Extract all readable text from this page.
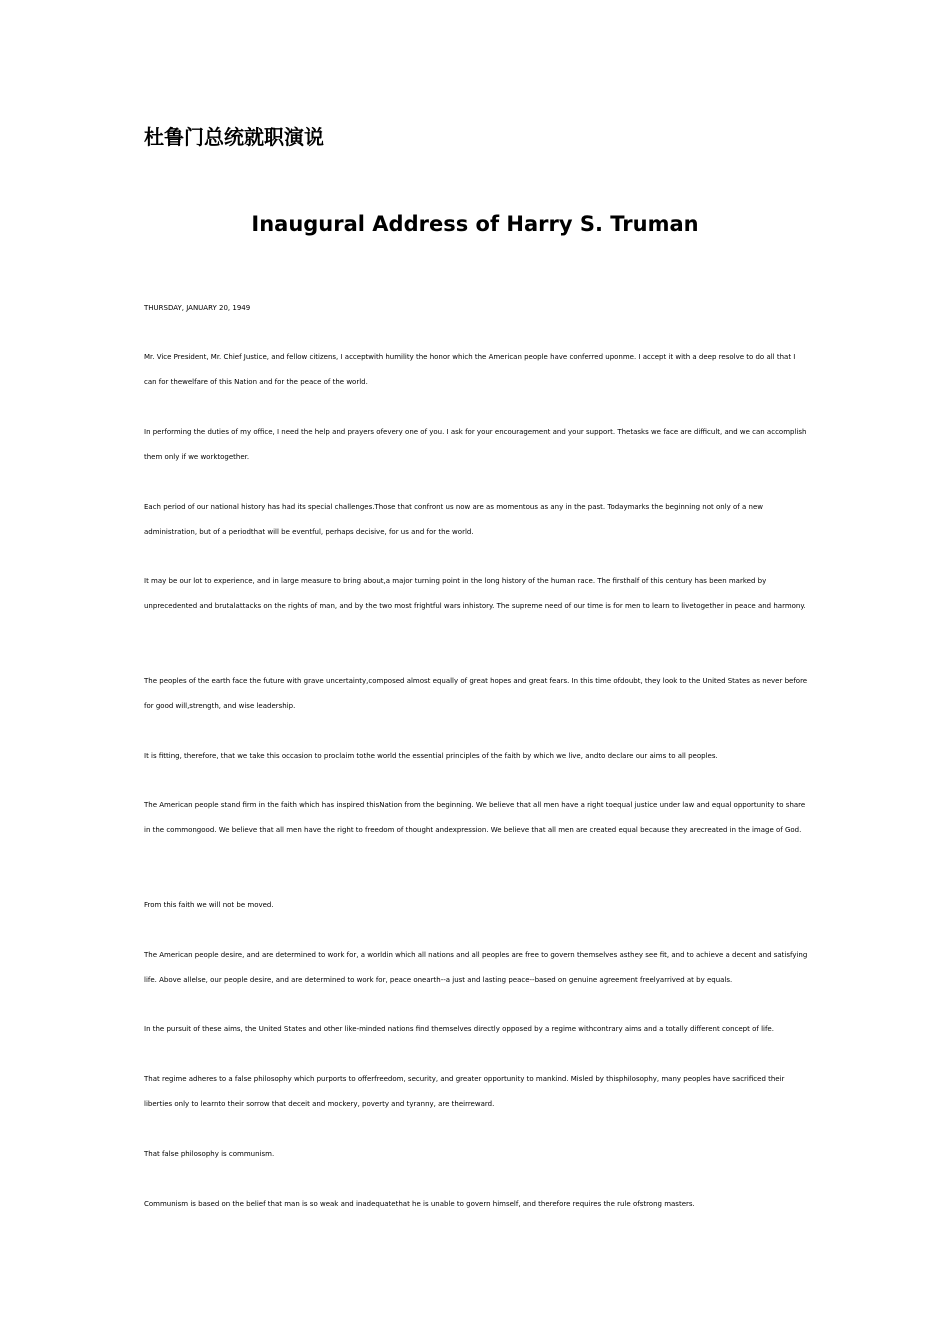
杜鲁门总统就职演说
Inaugural Address of Harry S. Truman
THURSDAY, JANUARY 20, 1949

Mr. Vice President, Mr. Chief Justice, and fellow citizens, I acceptwith humility the honor which the American people have conferred uponme. I accept it with a deep resolve to do all that I can for thewelfare of this Nation and for the peace of the world.

In performing the duties of my office, I need the help and prayers ofevery one of you. I ask for your encouragement and your support. Thetasks we face are difficult, and we can accomplish them only if we worktogether.

Each period of our national history has had its special challenges.Those that confront us now are as momentous as any in the past. Todaymarks the beginning not only of a new administration, but of a periodthat will be eventful, perhaps decisive, for us and for the world.

It may be our lot to experience, and in large measure to bring about,a major turning point in the long history of the human race. The firsthalf of this century has been marked by unprecedented and brutalattacks on the rights of man, and by the two most frightful wars inhistory. The supreme need of our time is for men to learn to livetogether in peace and harmony.

The peoples of the earth face the future with grave uncertainty,composed almost equally of great hopes and great fears. In this time ofdoubt, they look to the United States as never before for good will,strength, and wise leadership.

It is fitting, therefore, that we take this occasion to proclaim tothe world the essential principles of the faith by which we live, andto declare our aims to all peoples.

The American people stand firm in the faith which has inspired thisNation from the beginning. We believe that all men have a right toequal justice under law and equal opportunity to share in the commongood. We believe that all men have the right to freedom of thought andexpression. We believe that all men are created equal because they arecreated in the image of God.

From this faith we will not be moved.

The American people desire, and are determined to work for, a worldin which all nations and all peoples are free to govern themselves asthey see fit, and to achieve a decent and satisfying life. Above allelse, our people desire, and are determined to work for, peace onearth--a just and lasting peace--based on genuine agreement freelyarrived at by equals.

In the pursuit of these aims, the United States and other like-minded nations find themselves directly opposed by a regime withcontrary aims and a totally different concept of life.

That regime adheres to a false philosophy which purports to offerfreedom, security, and greater opportunity to mankind. Misled by thisphilosophy, many peoples have sacrificed their liberties only to learnto their sorrow that deceit and mockery, poverty and tyranny, are theirreward.

That false philosophy is communism.

Communism is based on the belief that man is so weak and inadequatethat he is unable to govern himself, and therefore requires the rule ofstrong masters.
